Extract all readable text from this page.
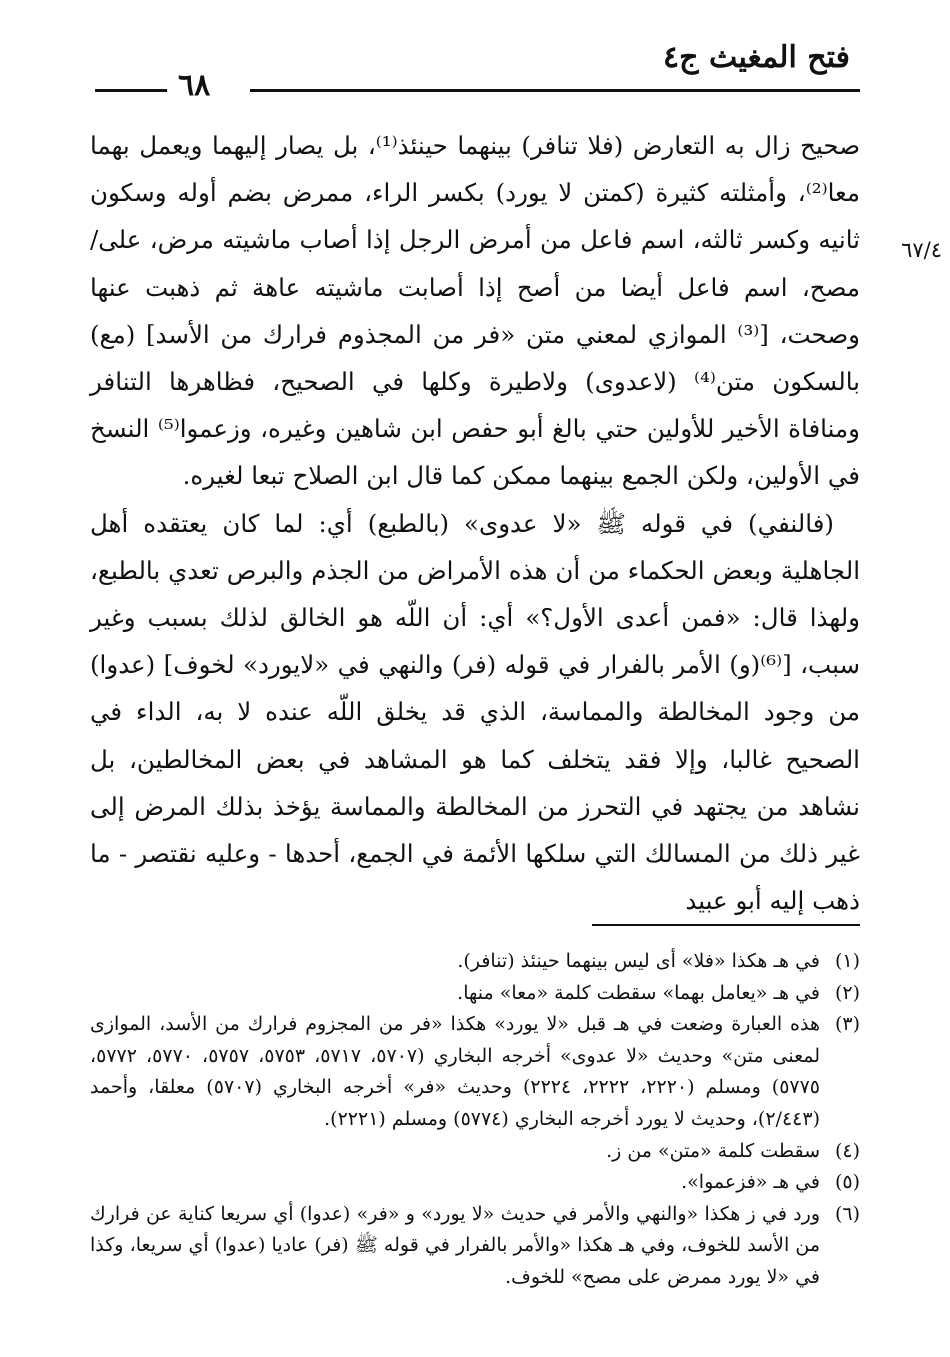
فتح المغيث ج٤
٦٨
٦٧/٤

صحيح زال به التعارض (فلا تنافر) بينهما حينئذ⁽¹⁾، بل يصار إليهما ويعمل بهما معا⁽²⁾، وأمثلته كثيرة (كمتن لا يورد) بكسر الراء، ممرض بضم أوله وسكون ثانيه وكسر ثالثه، اسم فاعل من أمرض الرجل إذا أصاب ماشيته مرض، على/ مصح، اسم فاعل أيضا من أصح إذا أصابت ماشيته عاهة ثم ذهبت عنها وصحت، [⁽³⁾ الموازي لمعني متن «فر من المجذوم فرارك من الأسد] (مع) بالسكون متن⁽⁴⁾ (لاعدوى) ولاطيرة وكلها في الصحيح، فظاهرها التنافر ومنافاة الأخير للأولين حتي بالغ أبو حفص ابن شاهين وغيره، وزعموا⁽⁵⁾ النسخ في الأولين، ولكن الجمع بينهما ممكن كما قال ابن الصلاح تبعا لغيره.

(فالنفي) في قوله ﷺ «لا عدوى» (بالطبع) أي: لما كان يعتقده أهل الجاهلية وبعض الحكماء من أن هذه الأمراض من الجذم والبرص تعدي بالطبع، ولهذا قال: «فمن أعدى الأول؟» أي: أن اللّه هو الخالق لذلك بسبب وغير سبب، [⁽⁶⁾(و) الأمر بالفرار في قوله (فر) والنهي في «لايورد» لخوف] (عدوا) من وجود المخالطة والمماسة، الذي قد يخلق اللّه عنده لا به، الداء في الصحيح غالبا، وإلا فقد يتخلف كما هو المشاهد في بعض المخالطين، بل نشاهد من يجتهد في التحرز من المخالطة والمماسة يؤخذ بذلك المرض إلى غير ذلك من المسالك التي سلكها الأئمة في الجمع، أحدها - وعليه نقتصر - ما ذهب إليه أبو عبيد

(١)في هـ هكذا «فلا» أى ليس بينهما حينئذ (تنافر).
(٢)في هـ «يعامل بهما» سقطت كلمة «معا» منها.
(٣)هذه العبارة وضعت في هـ قبل «لا يورد» هكذا «فر من المجزوم فرارك من الأسد، الموازى لمعنى متن» وحديث «لا عدوى» أخرجه البخاري (٥٧٠٧، ٥٧١٧، ٥٧٥٣، ٥٧٥٧، ٥٧٧٠، ٥٧٧٢، ٥٧٧٥) ومسلم (٢٢٢٠، ٢٢٢٢، ٢٢٢٤) وحديث «فر» أخرجه البخاري (٥٧٠٧) معلقا، وأحمد (٢/٤٤٣)، وحديث لا يورد أخرجه البخاري (٥٧٧٤) ومسلم (٢٢٢١).
(٤)سقطت كلمة «متن» من ز.
(٥)في هـ «فزعموا».
(٦)ورد في ز هكذا «والنهي والأمر في حديث «لا يورد» و «فر» (عدوا) أي سريعا كناية عن فرارك من الأسد للخوف، وفي هـ هكذا «والأمر بالفرار في قوله ﷺ (فر) عاديا (عدوا) أي سريعا، وكذا في «لا يورد ممرض على مصح» للخوف.
